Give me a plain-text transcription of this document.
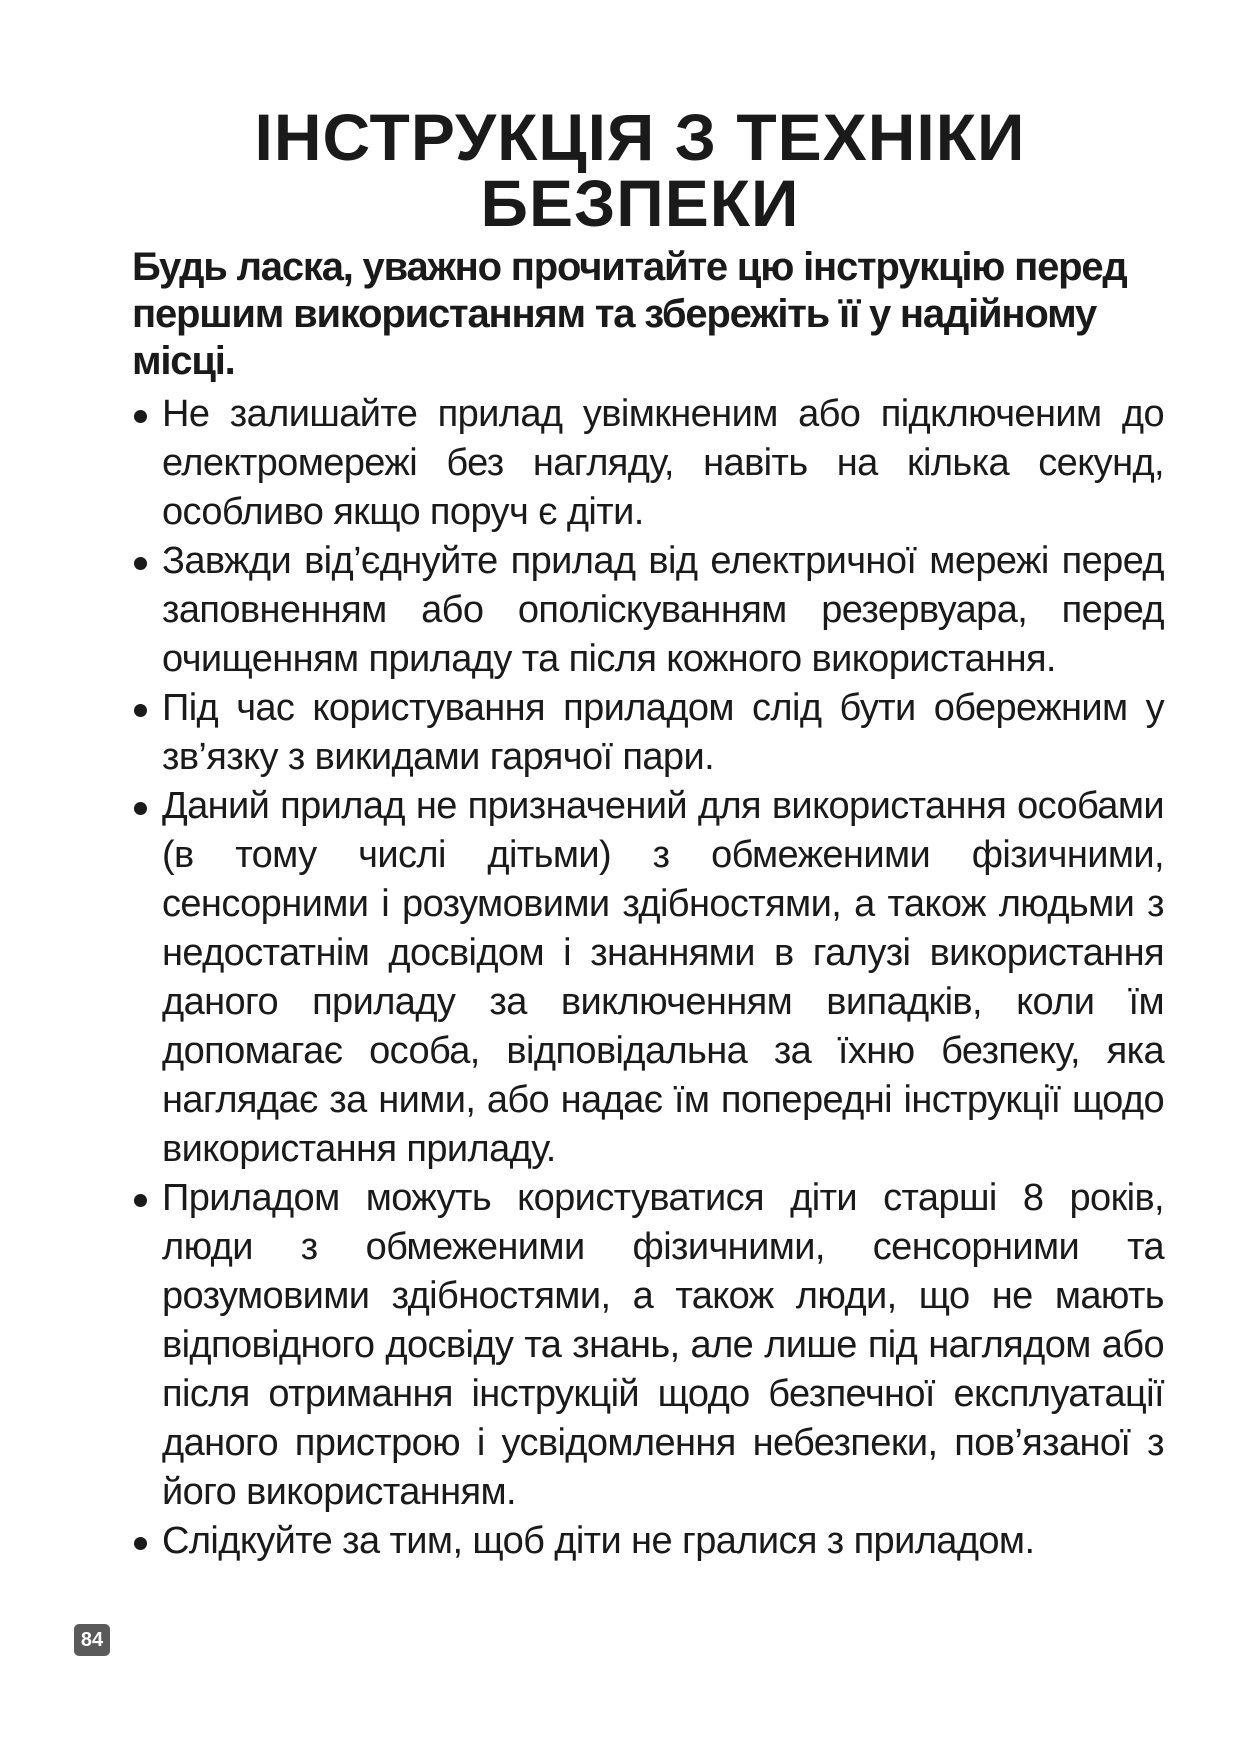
ІНСТРУКЦІЯ З ТЕХНІКИ БЕЗПЕКИ

Будь ласка, уважно прочитайте цю інструкцію перед першим використанням та збережіть її у надійному місці.

Не залишайте прилад увімкненим або підключеним до електромережі без нагляду, навіть на кілька секунд, особливо якщо поруч є діти.
Завжди від’єднуйте прилад від електричної мережі перед заповненням або ополіскуванням резервуара, перед очищенням приладу та після кожного використання.
Під час користування приладом слід бути обережним у зв’язку з викидами гарячої пари.
Даний прилад не призначений для використання особами (в тому числі дітьми) з обмеженими фізичними, сенсорними і розумовими здібностями, а також людьми з недостатнім досвідом і знаннями в галузі використання даного приладу за виключенням випадків, коли їм допомагає особа, відповідальна за їхню безпеку, яка наглядає за ними, або надає їм попередні інструкції щодо використання приладу.
Приладом можуть користуватися діти старші 8 років, люди з обмеженими фізичними, сенсорними та розумовими здібностями, а також люди, що не мають відповідного досвіду та знань, але лише під наглядом або після отримання інструкцій щодо безпечної експлуатації даного пристрою і усвідомлення небезпеки, пов’язаної з його використанням.
Слідкуйте за тим, щоб діти не гралися з приладом.
84
